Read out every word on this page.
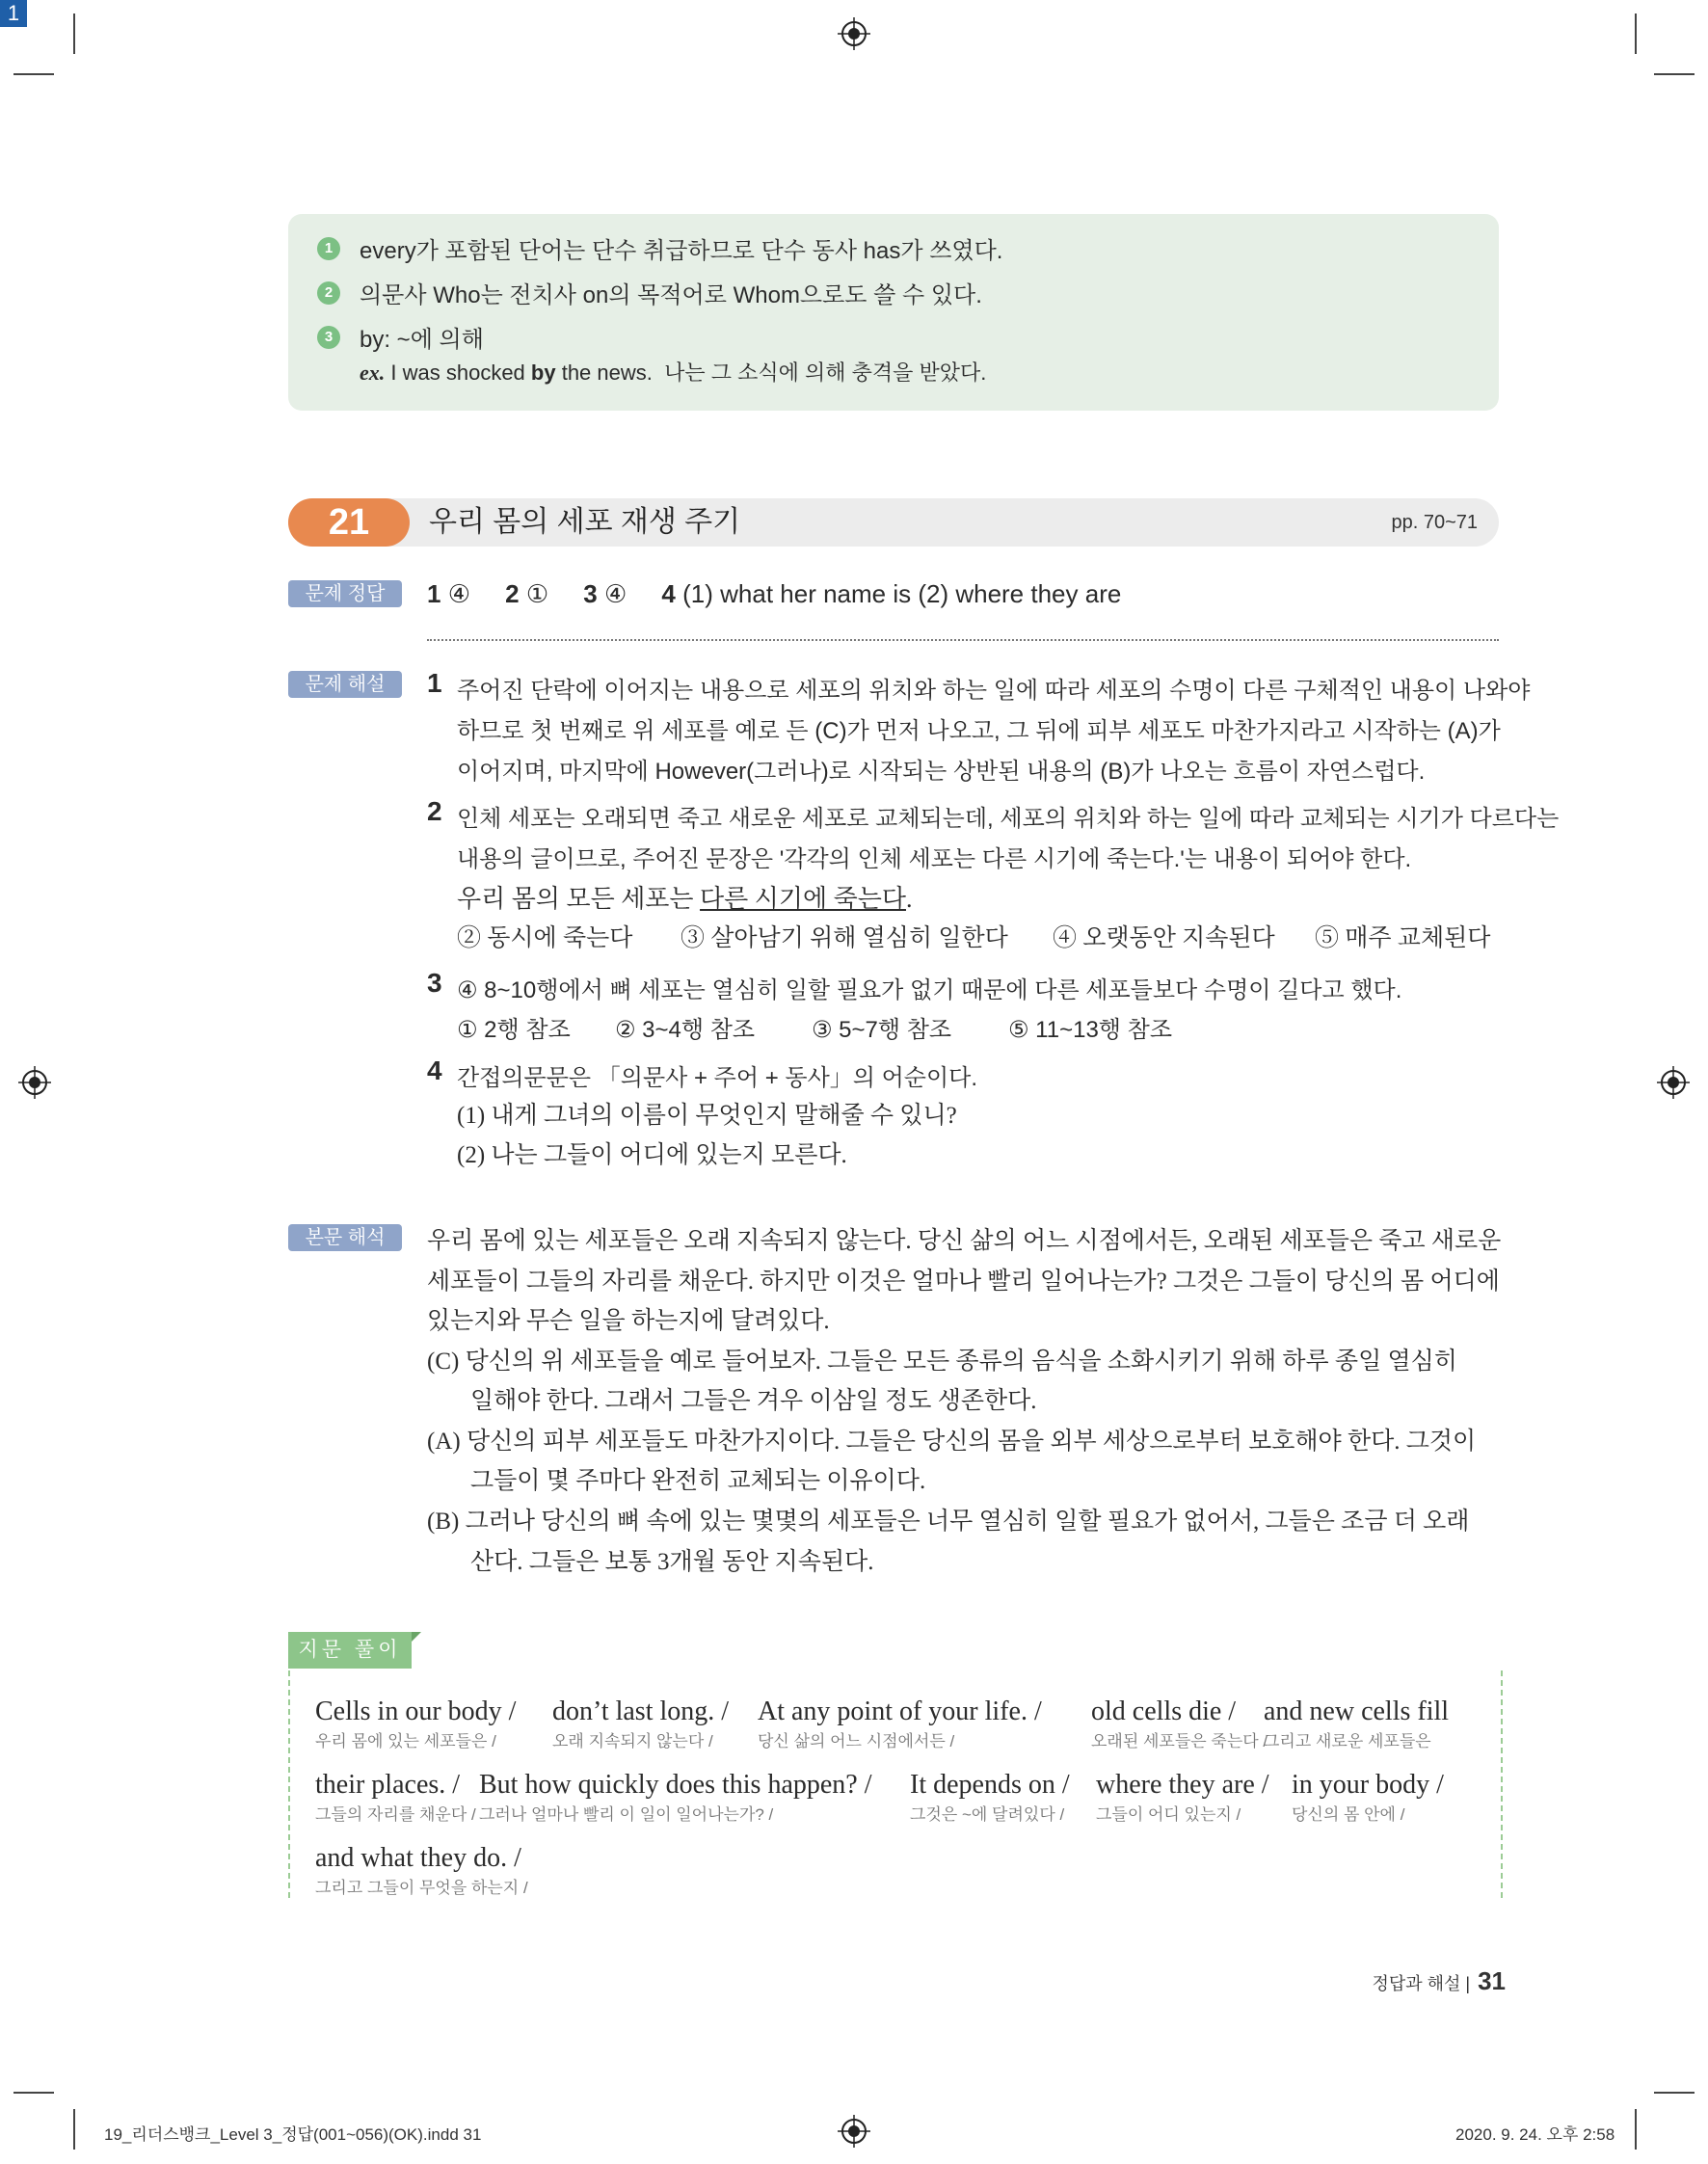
1
1	every가 포함된 단어는 단수 취급하므로 단수 동사 has가 쓰였다.
2	의문사 Who는 전치사 on의 목적어로 Whom으로도 쓸 수 있다.
3	by: ~에 의해
ex. I was shocked by the news. 나는 그 소식에 의해 충격을 받았다.
21	우리 몸의 세포 재생 주기	pp. 70~71
문제 정답	1 ④ 2 ① 3 ④ 4 (1) what her name is (2) where they are
문제 해설	1 주어진 단락에 이어지는 내용으로 세포의 위치와 하는 일에 따라 세포의 수명이 다른 구체적인 내용이 나와야
하므로 첫 번째로 위 세포를 예로 든 (C)가 먼저 나오고, 그 뒤에 피부 세포도 마찬가지라고 시작하는 (A)가
이어지며, 마지막에 However(그러나)로 시작되는 상반된 내용의 (B)가 나오는 흐름이 자연스럽다.
2 인체 세포는 오래되면 죽고 새로운 세포로 교체되는데, 세포의 위치와 하는 일에 따라 교체되는 시기가 다르다는
내용의 글이므로, 주어진 문장은 '각각의 인체 세포는 다른 시기에 죽는다.'는 내용이 되어야 한다.
우리 몸의 모든 세포는 다른 시기에 죽는다.
② 동시에 죽는다 ③ 살아남기 위해 열심히 일한다 ④ 오랫동안 지속된다 ⑤ 매주 교체된다
3 ④ 8~10행에서 뼈 세포는 열심히 일할 필요가 없기 때문에 다른 세포들보다 수명이 길다고 했다.
① 2행 참조 ② 3~4행 참조 ③ 5~7행 참조 ⑤ 11~13행 참조
4 간접의문문은 「의문사 + 주어 + 동사」의 어순이다.
(1) 내게 그녀의 이름이 무엇인지 말해줄 수 있니?
(2) 나는 그들이 어디에 있는지 모른다.
본문 해석	우리 몸에 있는 세포들은 오래 지속되지 않는다. 당신 삶의 어느 시점에서든, 오래된 세포들은 죽고 새로운
세포들이 그들의 자리를 채운다. 하지만 이것은 얼마나 빨리 일어나는가? 그것은 그들이 당신의 몸 어디에
있는지와 무슨 일을 하는지에 달려있다.
(C) 당신의 위 세포들을 예로 들어보자. 그들은 모든 종류의 음식을 소화시키기 위해 하루 종일 열심히
일해야 한다. 그래서 그들은 겨우 이삼일 정도 생존한다.
(A) 당신의 피부 세포들도 마찬가지이다. 그들은 당신의 몸을 외부 세상으로부터 보호해야 한다. 그것이
그들이 몇 주마다 완전히 교체되는 이유이다.
(B) 그러나 당신의 뼈 속에 있는 몇몇의 세포들은 너무 열심히 일할 필요가 없어서, 그들은 조금 더 오래
산다. 그들은 보통 3개월 동안 지속된다.
지문 풀이
Cells in our body /
우리 몸에 있는 세포들은 /
don’t last long. /
오래 지속되지 않는다 /
At any point of your life. /
당신 삶의 어느 시점에서든 /
old cells die /
오래된 세포들은 죽는다 /
and new cells fill
그리고 새로운 세포들은
their places. /
그들의 자리를 채운다 /
But how quickly does this happen? /
그러나 얼마나 빨리 이 일이 일어나는가? /
It depends on /
그것은 ~에 달려있다 /
where they are /
그들이 어디 있는지 /
in your body /
당신의 몸 안에 /
and what they do. /
그리고 그들이 무엇을 하는지 /
정답과 해설 | 31
19_리더스뱅크_Level 3_정답(001~056)(OK).indd 31	2020. 9. 24. 오후 2:58
